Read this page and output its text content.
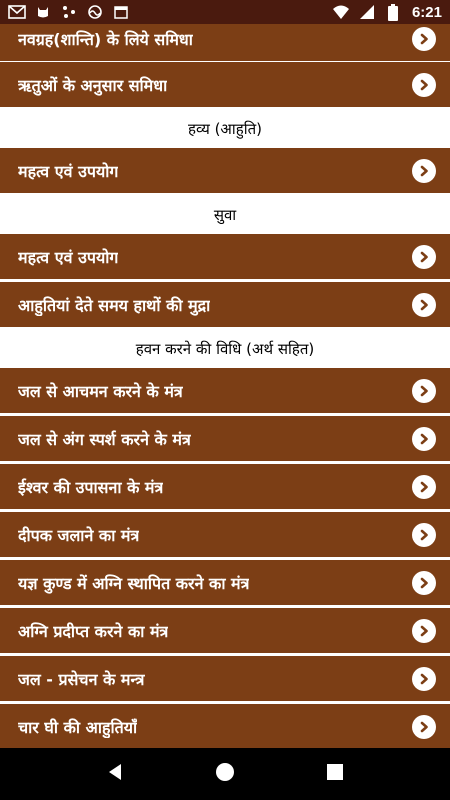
6:21
नवग्रह(शान्ति) के लिये समिधा
ऋतुओं के अनुसार समिधा
हव्य (आहुति)
महत्व एवं उपयोग
सुवा
महत्व एवं उपयोग
आहुतियां देते समय हाथों की मुद्रा
हवन करने की विधि (अर्थ सहित)
जल से आचमन करने के मंत्र
जल से अंग स्पर्श करने के मंत्र
ईश्वर की उपासना के मंत्र
दीपक जलाने का मंत्र
यज्ञ कुण्ड में अग्नि स्थापित करने का मंत्र
अग्नि प्रदीप्त करने का मंत्र
जल - प्रसेचन के मन्त्र
चार घी की आहुतियाँ
